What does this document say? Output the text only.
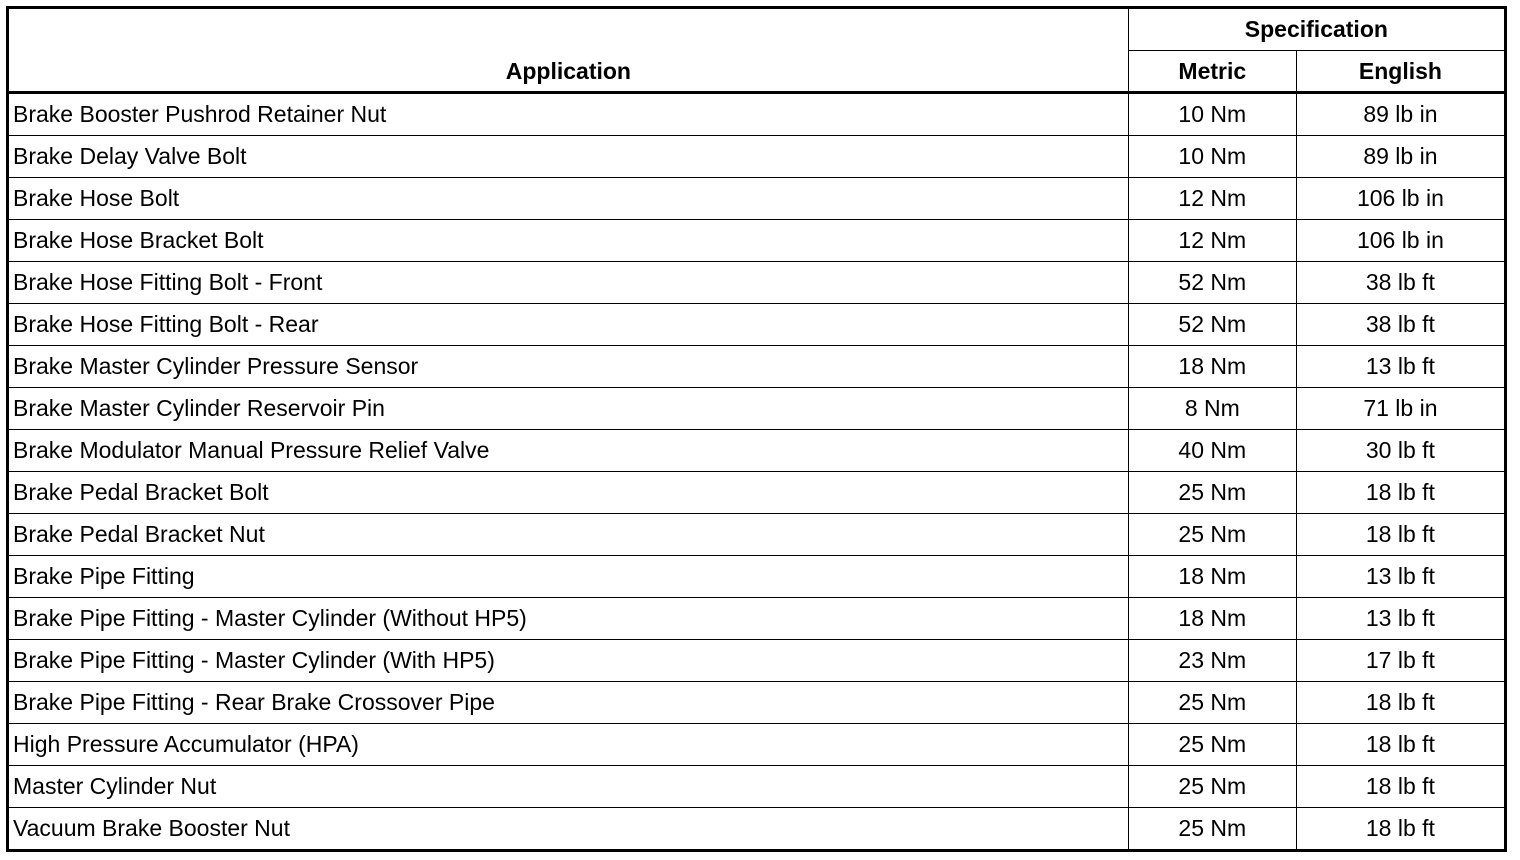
Application	Specification	
	Metric	English
Brake Booster Pushrod Retainer Nut	10 Nm	89 lb in
Brake Delay Valve Bolt	10 Nm	89 lb in
Brake Hose Bolt	12 Nm	106 lb in
Brake Hose Bracket Bolt	12 Nm	106 lb in
Brake Hose Fitting Bolt - Front	52 Nm	38 lb ft
Brake Hose Fitting Bolt - Rear	52 Nm	38 lb ft
Brake Master Cylinder Pressure Sensor	18 Nm	13 lb ft
Brake Master Cylinder Reservoir Pin	8 Nm	71 lb in
Brake Modulator Manual Pressure Relief Valve	40 Nm	30 lb ft
Brake Pedal Bracket Bolt	25 Nm	18 lb ft
Brake Pedal Bracket Nut	25 Nm	18 lb ft
Brake Pipe Fitting	18 Nm	13 lb ft
Brake Pipe Fitting - Master Cylinder (Without HP5)	18 Nm	13 lb ft
Brake Pipe Fitting - Master Cylinder (With HP5)	23 Nm	17 lb ft
Brake Pipe Fitting - Rear Brake Crossover Pipe	25 Nm	18 lb ft
High Pressure Accumulator (HPA)	25 Nm	18 lb ft
Master Cylinder Nut	25 Nm	18 lb ft
Vacuum Brake Booster Nut	25 Nm	18 lb ft
